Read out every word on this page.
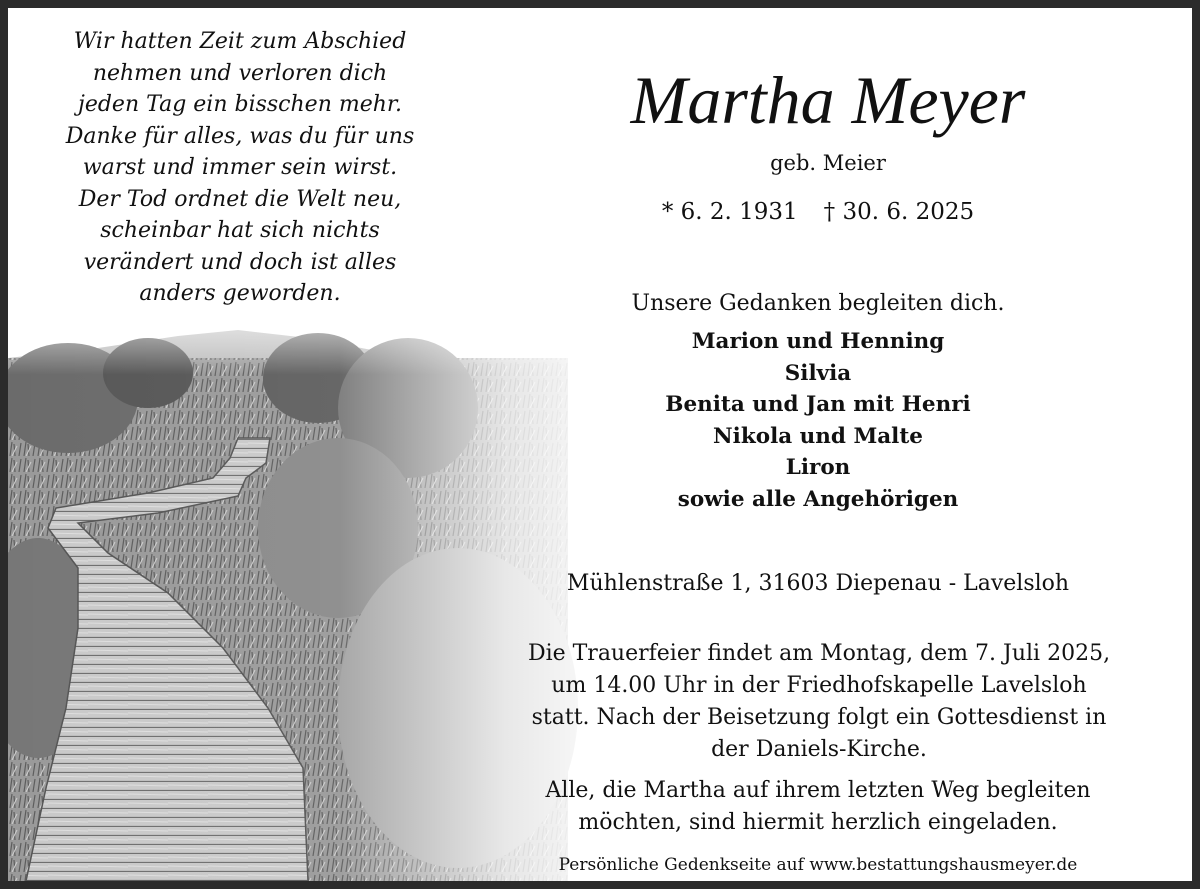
Wir hatten Zeit zum Abschied
nehmen und verloren dich
jeden Tag ein bisschen mehr.
Danke für alles, was du für uns
warst und immer sein wirst.
Der Tod ordnet die Welt neu,
scheinbar hat sich nichts
verändert und doch ist alles
anders geworden.
Martha Meyer
geb. Meier
* 6. 2. 1931 † 30. 6. 2025
Unsere Gedanken begleiten dich.
Marion und Henning
Silvia
Benita und Jan mit Henri
Nikola und Malte
Liron
sowie alle Angehörigen
Mühlenstraße 1, 31603 Diepenau - Lavelsloh
Die Trauerfeier findet am Montag, dem 7. Juli 2025,
um 14.00 Uhr in der Friedhofskapelle Lavelsloh
statt. Nach der Beisetzung folgt ein Gottesdienst in
der Daniels-Kirche.
Alle, die Martha auf ihrem letzten Weg begleiten
möchten, sind hiermit herzlich eingeladen.
Persönliche Gedenkseite auf www.bestattungshausmeyer.de
